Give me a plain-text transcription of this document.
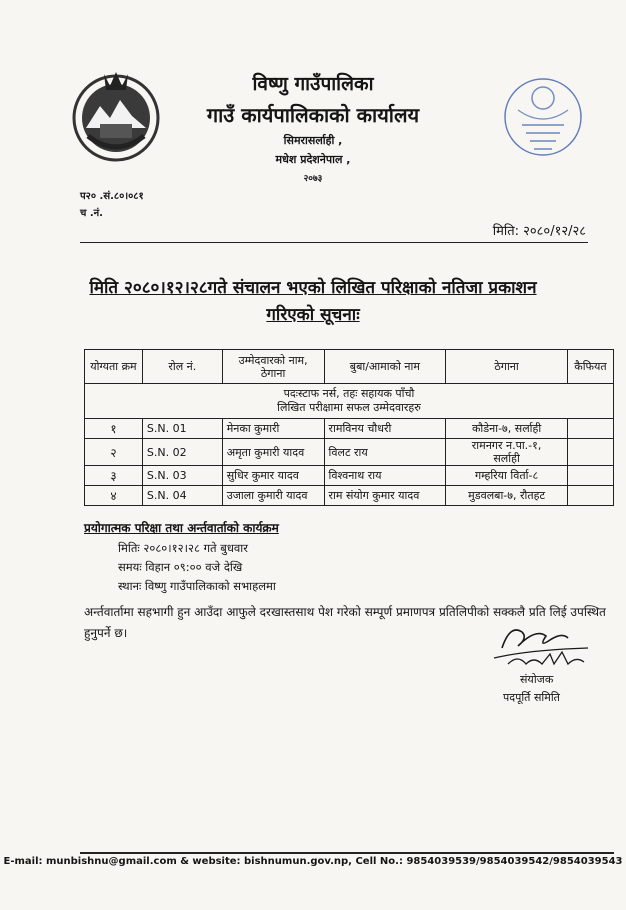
विष्णु गाउँपालिका
गाउँ कार्यपालिकाको कार्यालय
सिमरासर्लाही ,
मधेश प्रदेशनेपाल ,
२०७३
प२० .सं.८०।०८१
च .नं.
मिति: २०८०/१२/२८
मिति २०८०।१२।२८गते संचालन भएको लिखित परिक्षाको नतिजा प्रकाशन
गरिएको सूचनाः
योग्यता क्रम	रोल नं.	उम्मेदवारको नाम, ठेगाना	बुबा/आमाको नाम	ठेगाना	कैफियत

पदःस्टाफ नर्स, तहः सहायक पाँचौ
लिखित परीक्षामा सफल उम्मेदवारहरु					

१	S.N. 01	मेनका कुमारी	रामविनय चौधरी	कौडेना-७, सर्लाही	
२	S.N. 02	अमृता कुमारी यादव	विलट राय	रामनगर न.पा.-१, सर्लाही	
३	S.N. 03	सुधिर कुमार यादव	विश्वनाथ राय	गम्हरिया विर्ता-८	
४	S.N. 04	उजाला कुमारी यादव	राम संयोग कुमार यादव	मुडवलबा-७, रौतहट	
प्रयोगात्मक परिक्षा तथा अर्न्तवार्ताको कार्यक्रम
मितिः २०८०।१२।२८ गते बुधवार
समयः विहान ०९:०० वजे देखि
स्थानः विष्णु गाउँपालिकाको सभाहलमा
अर्न्तवार्तामा सहभागी हुन आउँदा आफुले दरखास्तसाथ पेश गरेको सम्पूर्ण प्रमाणपत्र प्रतिलिपीको सक्कलै प्रति लिई उपस्थित हुनुपर्ने छ।
संयोजक
पदपूर्ति समिति
E-mail: munbishnu@gmail.com & website: bishnumun.gov.np, Cell No.: 9854039539/9854039542/9854039543
